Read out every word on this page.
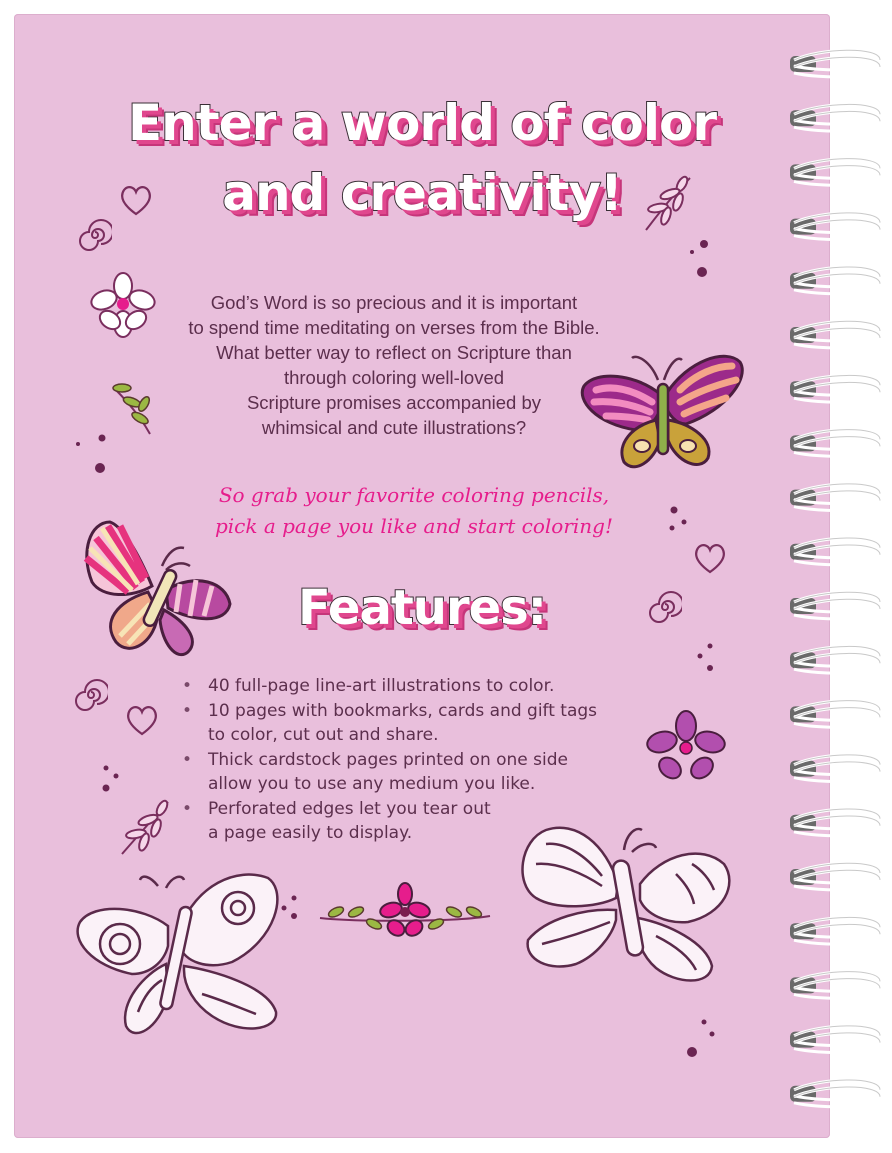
Enter a world of color
and creativity!

God’s Word is so precious and it is important

to spend time meditating on verses from the Bible.

What better way to reflect on Scripture than

through coloring well-loved

Scripture promises accompanied by

whimsical and cute illustrations?

So grab your favorite coloring pencils,

pick a page you like and start coloring!

Features:
• 40 full-page line-art illustrations to color.
• 10 pages with bookmarks, cards and gift tags
to color, cut out and share.
• Thick cardstock pages printed on one side
allow you to use any medium you like.
• Perforated edges let you tear out
a page easily to display.
